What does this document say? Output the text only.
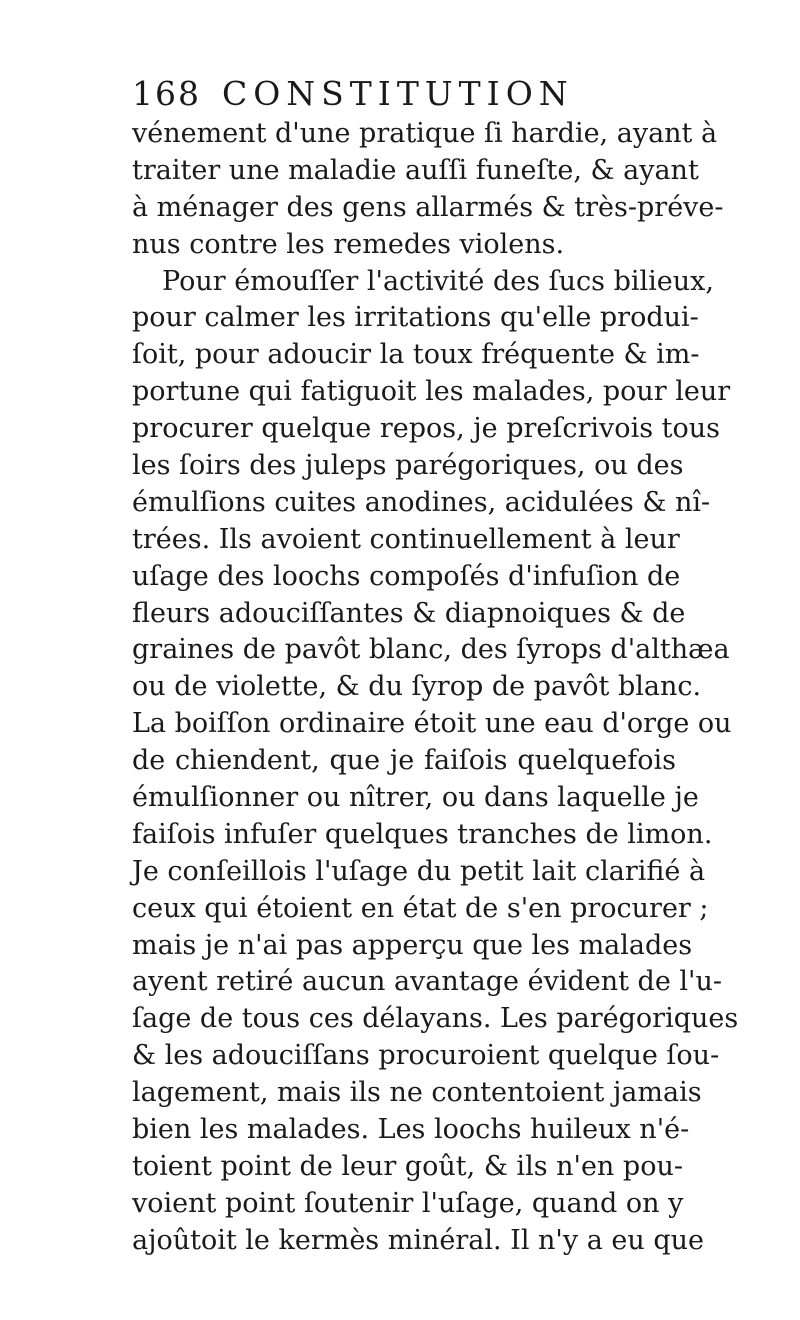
168 CONSTITUTION
vénement d'une pratique ſi hardie, ayant à
traiter une maladie auſſi funeſte, & ayant
à ménager des gens allarmés & très-préve-
nus contre les remedes violens.
Pour émouſſer l'activité des ſucs bilieux,
pour calmer les irritations qu'elle produi-
ſoit, pour adoucir la toux fréquente & im-
portune qui fatiguoit les malades, pour leur
procurer quelque repos, je preſcrivois tous
les ſoirs des juleps parégoriques, ou des
émulſions cuites anodines, acidulées & nî-
trées. Ils avoient continuellement à leur
uſage des loochs compoſés d'infuſion de
fleurs adouciſſantes & diapnoiques & de
graines de pavôt blanc, des ſyrops d'althæa
ou de violette, & du ſyrop de pavôt blanc.
La boiſſon ordinaire étoit une eau d'orge ou
de chiendent, que je faiſois quelquefois
émulſionner ou nîtrer, ou dans laquelle je
faiſois infuſer quelques tranches de limon.
Je conſeillois l'uſage du petit lait clarifié à
ceux qui étoient en état de s'en procurer ;
mais je n'ai pas apperçu que les malades
ayent retiré aucun avantage évident de l'u-
ſage de tous ces délayans. Les parégoriques
& les adouciſſans procuroient quelque ſou-
lagement, mais ils ne contentoient jamais
bien les malades. Les loochs huileux n'é-
toient point de leur goût, & ils n'en pou-
voient point ſoutenir l'uſage, quand on y
ajoûtoit le kermès minéral. Il n'y a eu que
